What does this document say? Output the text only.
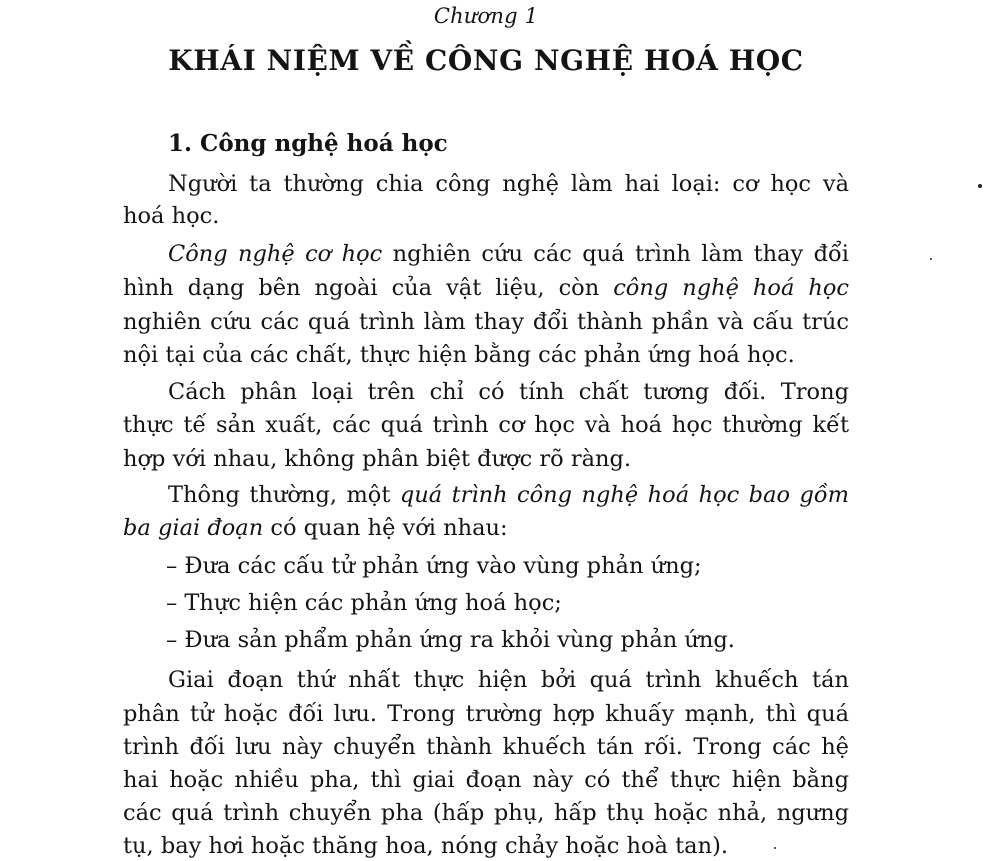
Chương 1
KHÁI NIỆM VỀ CÔNG NGHỆ HOÁ HỌC
1. Công nghệ hoá học
Người ta thường chia công nghệ làm hai loại: cơ học và
hoá học.
Công nghệ cơ học nghiên cứu các quá trình làm thay đổi
hình dạng bên ngoài của vật liệu, còn công nghệ hoá học
nghiên cứu các quá trình làm thay đổi thành phần và cấu trúc
nội tại của các chất, thực hiện bằng các phản ứng hoá học.
Cách phân loại trên chỉ có tính chất tương đối. Trong
thực tế sản xuất, các quá trình cơ học và hoá học thường kết
hợp với nhau, không phân biệt được rõ ràng.
Thông thường, một quá trình công nghệ hoá học bao gồm
ba giai đoạn có quan hệ với nhau:
– Đưa các cấu tử phản ứng vào vùng phản ứng;
– Thực hiện các phản ứng hoá học;
– Đưa sản phẩm phản ứng ra khỏi vùng phản ứng.
Giai đoạn thứ nhất thực hiện bởi quá trình khuếch tán
phân tử hoặc đối lưu. Trong trường hợp khuấy mạnh, thì quá
trình đối lưu này chuyển thành khuếch tán rối. Trong các hệ
hai hoặc nhiều pha, thì giai đoạn này có thể thực hiện bằng
các quá trình chuyển pha (hấp phụ, hấp thụ hoặc nhả, ngưng
tụ, bay hơi hoặc thăng hoa, nóng chảy hoặc hoà tan).
